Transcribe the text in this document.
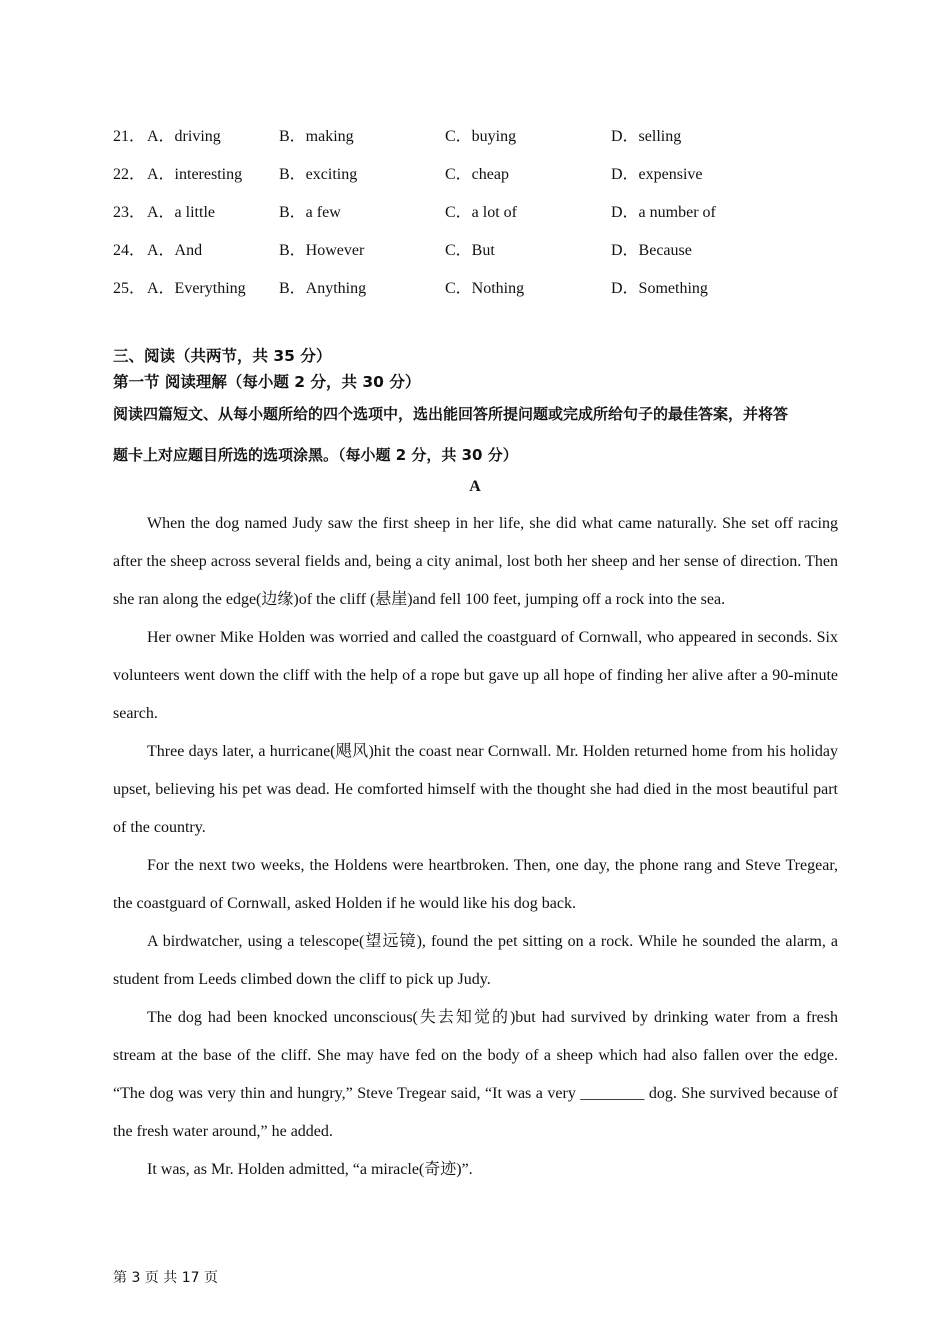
21． A．driving	B．making	C．buying	D．selling
22． A．interesting B．exciting	C．cheap	D．expensive
23． A．a little	B．a few	C．a lot of	D．a number of
24． A．And	B．However	C．But	D．Because
25． A．Everything B．Anything	C．Nothing	D．Something
三、阅读（共两节，共 35 分）
第一节 阅读理解（每小题 2 分，共 30 分）
阅读四篇短文、从每小题所给的四个选项中，选出能回答所提问题或完成所给句子的最佳答案，并将答
题卡上对应题目所选的选项涂黑。（每小题 2 分，共 30 分）
A

When the dog named Judy saw the first sheep in her life, she did what came naturally. She set off racing after the sheep across several fields and, being a city animal, lost both her sheep and her sense of direction. Then she ran along the edge(边缘)of the cliff (悬崖)and fell 100 feet, jumping off a rock into the sea.

Her owner Mike Holden was worried and called the coastguard of Cornwall, who appeared in seconds. Six volunteers went down the cliff with the help of a rope but gave up all hope of finding her alive after a 90-minute search.

Three days later, a hurricane(飓风)hit the coast near Cornwall. Mr. Holden returned home from his holiday upset, believing his pet was dead. He comforted himself with the thought she had died in the most beautiful part of the country.

For the next two weeks, the Holdens were heartbroken. Then, one day, the phone rang and Steve Tregear, the coastguard of Cornwall, asked Holden if he would like his dog back.

A birdwatcher, using a telescope(望远镜), found the pet sitting on a rock. While he sounded the alarm, a student from Leeds climbed down the cliff to pick up Judy.

The dog had been knocked unconscious(失去知觉的)but had survived by drinking water from a fresh stream at the base of the cliff. She may have fed on the body of a sheep which had also fallen over the edge. “The dog was very thin and hungry,” Steve Tregear said, “It was a very ________ dog. She survived because of the fresh water around,” he added.

It was, as Mr. Holden admitted, “a miracle(奇迹)”.

第 3 页 共 17 页
